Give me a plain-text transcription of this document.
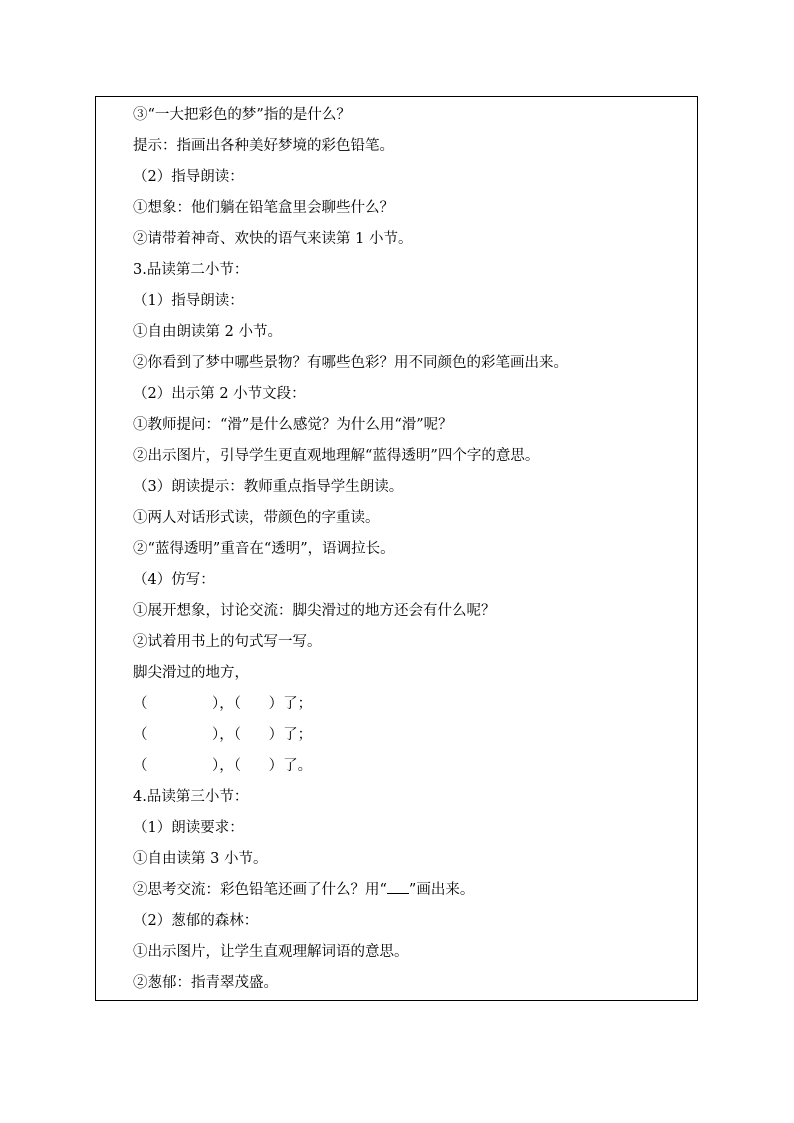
③“一大把彩色的梦”指的是什么？
提示：指画出各种美好梦境的彩色铅笔。
（2）指导朗读：
①想象：他们躺在铅笔盒里会聊些什么？
②请带着神奇、欢快的语气来读第 1 小节。
3.品读第二小节：
（1）指导朗读：
①自由朗读第 2 小节。
②你看到了梦中哪些景物？有哪些色彩？用不同颜色的彩笔画出来。
（2）出示第 2 小节文段：
①教师提问：“滑”是什么感觉？为什么用“滑”呢？
②出示图片，引导学生更直观地理解“蓝得透明”四个字的意思。
（3）朗读提示：教师重点指导学生朗读。
①两人对话形式读，带颜色的字重读。
②“蓝得透明”重音在“透明”，语调拉长。
（4）仿写：
①展开想象，讨论交流：脚尖滑过的地方还会有什么呢？
②试着用书上的句式写一写。
脚尖滑过的地方，
（              ），（      ）了；
（              ），（      ）了；
（              ），（      ）了。
4.品读第三小节：
（1）朗读要求：
①自由读第 3 小节。
②思考交流：彩色铅笔还画了什么？用“ ”画出来。
（2）葱郁的森林：
①出示图片，让学生直观理解词语的意思。
②葱郁：指青翠茂盛。
